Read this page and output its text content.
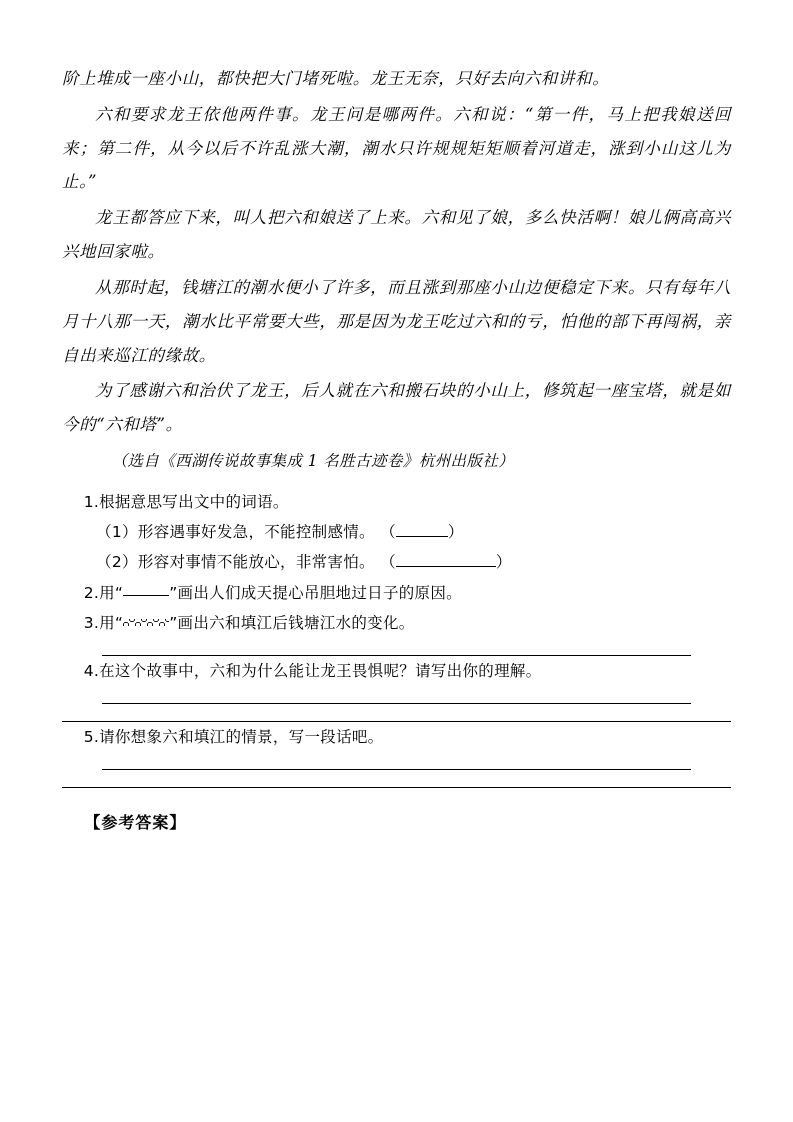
阶上堆成一座小山，都快把大门堵死啦。龙王无奈，只好去向六和讲和。

六和要求龙王依他两件事。龙王问是哪两件。六和说：“第一件，马上把我娘送回来；第二件，从今以后不许乱涨大潮，潮水只许规规矩矩顺着河道走，涨到小山这儿为止。”

龙王都答应下来，叫人把六和娘送了上来。六和见了娘，多么快活啊！娘儿俩高高兴兴地回家啦。

从那时起，钱塘江的潮水便小了许多，而且涨到那座小山边便稳定下来。只有每年八月十八那一天，潮水比平常要大些，那是因为龙王吃过六和的亏，怕他的部下再闯祸，亲自出来巡江的缘故。

为了感谢六和治伏了龙王，后人就在六和搬石块的小山上，修筑起一座宝塔，就是如今的“六和塔”。

（选自《西湖传说故事集成 1 名胜古迹卷》杭州出版社）

1.根据意思写出文中的词语。

（1）形容遇事好发急，不能控制感情。 （	）

（2）形容对事情不能放心，非常害怕。 （	）

2.用“	”画出人们成天提心吊胆地过日子的原因。

3.用“	”画出六和填江后钱塘江水的变化。

4.在这个故事中，六和为什么能让龙王畏惧呢？请写出你的理解。

5.请你想象六和填江的情景，写一段话吧。

【参考答案】
